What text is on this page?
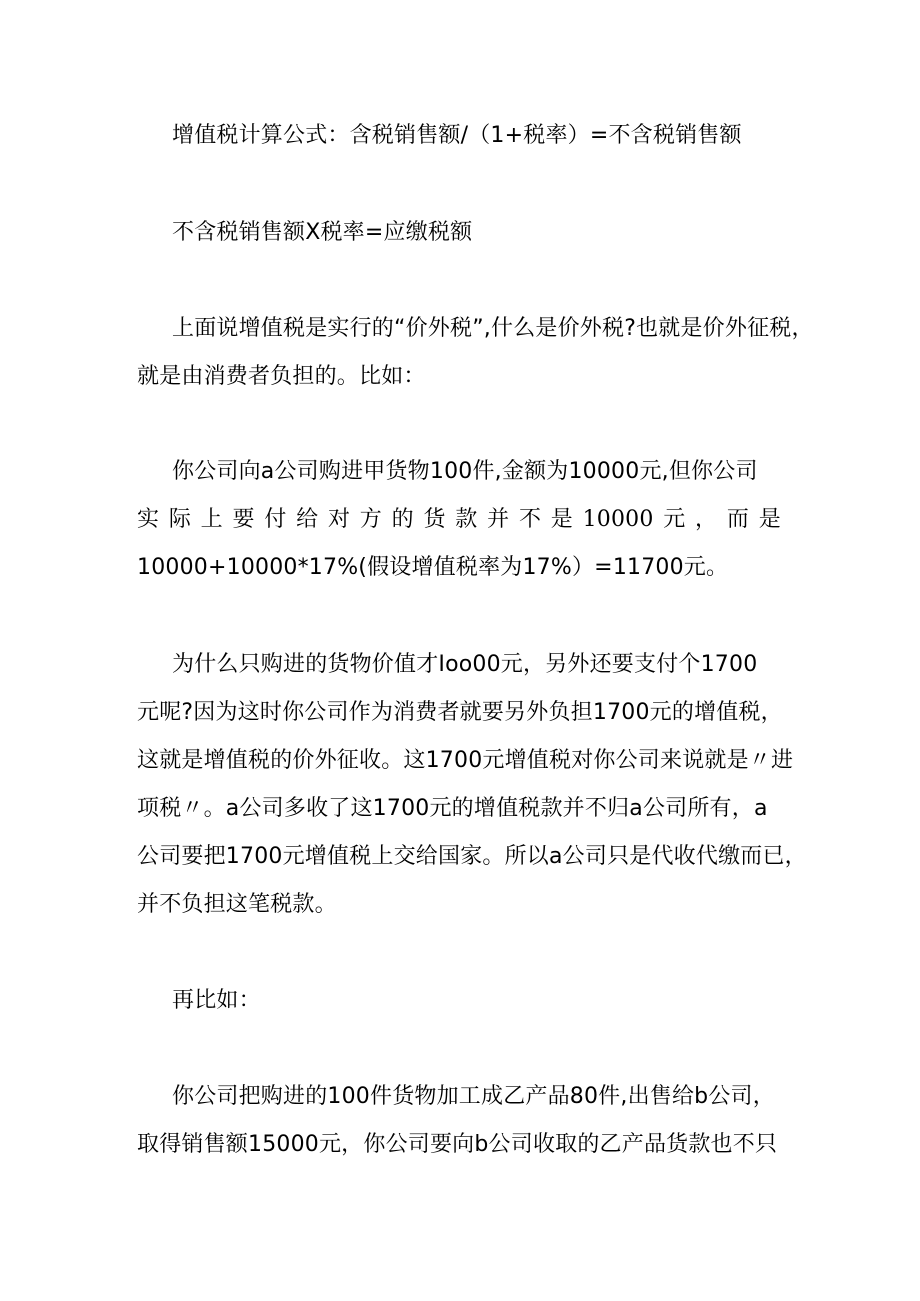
增值税计算公式：含税销售额/（1+税率）=不含税销售额
不含税销售额X税率=应缴税额
上面说增值税是实行的“价外税”,什么是价外税?也就是价外征税，
就是由消费者负担的。比如：
你公司向a公司购进甲货物100件,金额为10000元,但你公司
实 际 上 要 付 给 对 方 的 货 款 并 不 是 10000 元 ， 而 是
10000+10000*17%(假设增值税率为17%）=11700元。
为什么只购进的货物价值才Ioo00元，另外还要支付个1700
元呢?因为这时你公司作为消费者就要另外负担1700元的增值税，
这就是增值税的价外征收。这1700元增值税对你公司来说就是〃进
项税〃。a公司多收了这1700元的增值税款并不归a公司所有，a
公司要把1700元增值税上交给国家。所以a公司只是代收代缴而已，
并不负担这笔税款。
再比如：
你公司把购进的100件货物加工成乙产品80件,出售给b公司，
取得销售额15000元，你公司要向b公司收取的乙产品货款也不只
